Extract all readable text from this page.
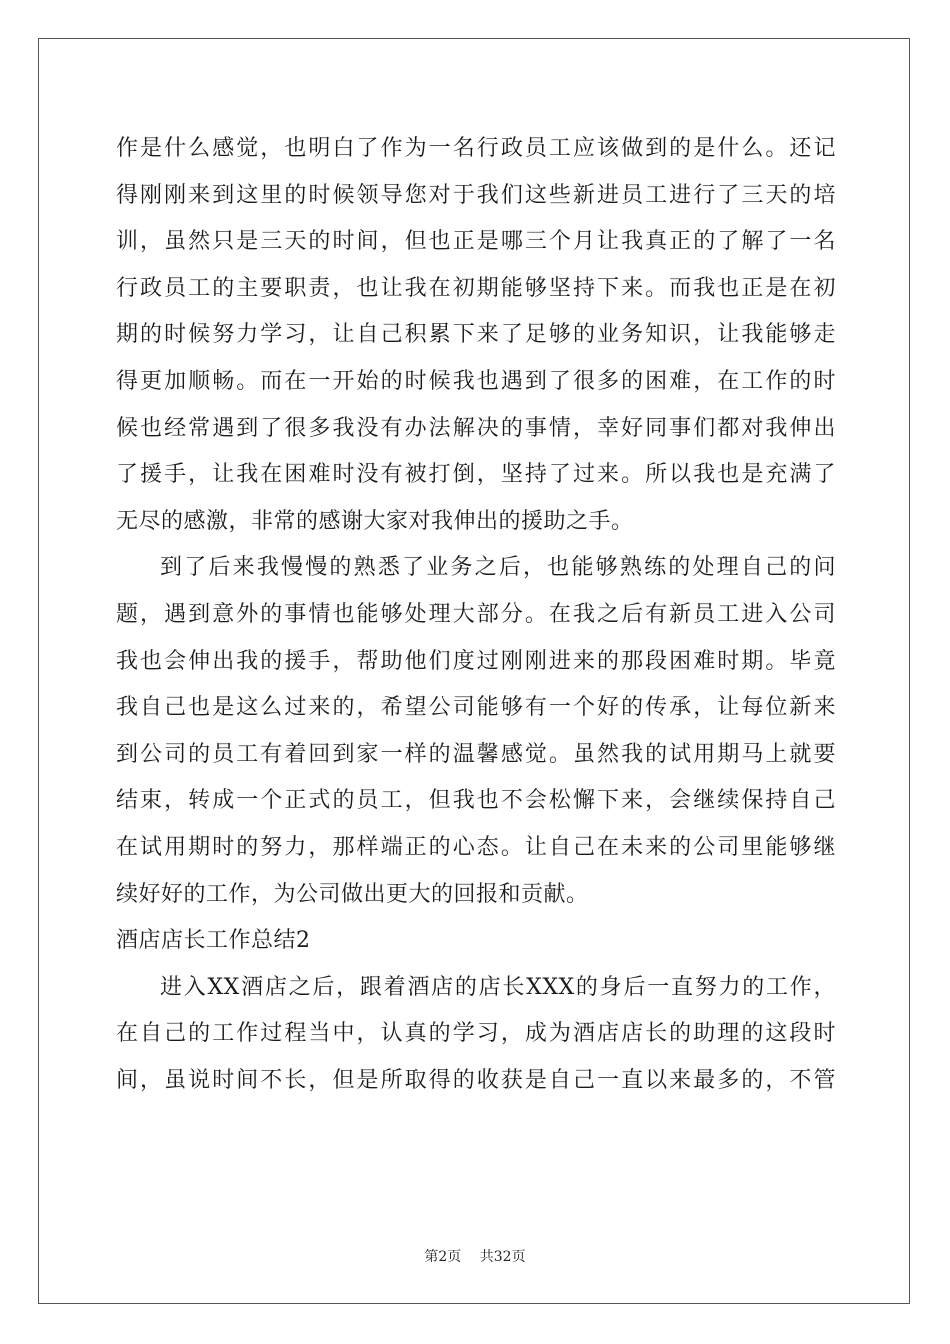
作是什么感觉，也明白了作为一名行政员工应该做到的是什么。还记
得刚刚来到这里的时候领导您对于我们这些新进员工进行了三天的培
训，虽然只是三天的时间，但也正是哪三个月让我真正的了解了一名
行政员工的主要职责，也让我在初期能够坚持下来。而我也正是在初
期的时候努力学习，让自己积累下来了足够的业务知识，让我能够走
得更加顺畅。而在一开始的时候我也遇到了很多的困难，在工作的时
候也经常遇到了很多我没有办法解决的事情，幸好同事们都对我伸出
了援手，让我在困难时没有被打倒，坚持了过来。所以我也是充满了
无尽的感激，非常的感谢大家对我伸出的援助之手。
到了后来我慢慢的熟悉了业务之后，也能够熟练的处理自己的问
题，遇到意外的事情也能够处理大部分。在我之后有新员工进入公司
我也会伸出我的援手，帮助他们度过刚刚进来的那段困难时期。毕竟
我自己也是这么过来的，希望公司能够有一个好的传承，让每位新来
到公司的员工有着回到家一样的温馨感觉。虽然我的试用期马上就要
结束，转成一个正式的员工，但我也不会松懈下来，会继续保持自己
在试用期时的努力，那样端正的心态。让自己在未来的公司里能够继
续好好的工作，为公司做出更大的回报和贡献。
酒店店长工作总结2
进入XX酒店之后，跟着酒店的店长XXX的身后一直努力的工作，
在自己的工作过程当中，认真的学习，成为酒店店长的助理的这段时
间，虽说时间不长，但是所取得的收获是自己一直以来最多的，不管
第2页 共32页
